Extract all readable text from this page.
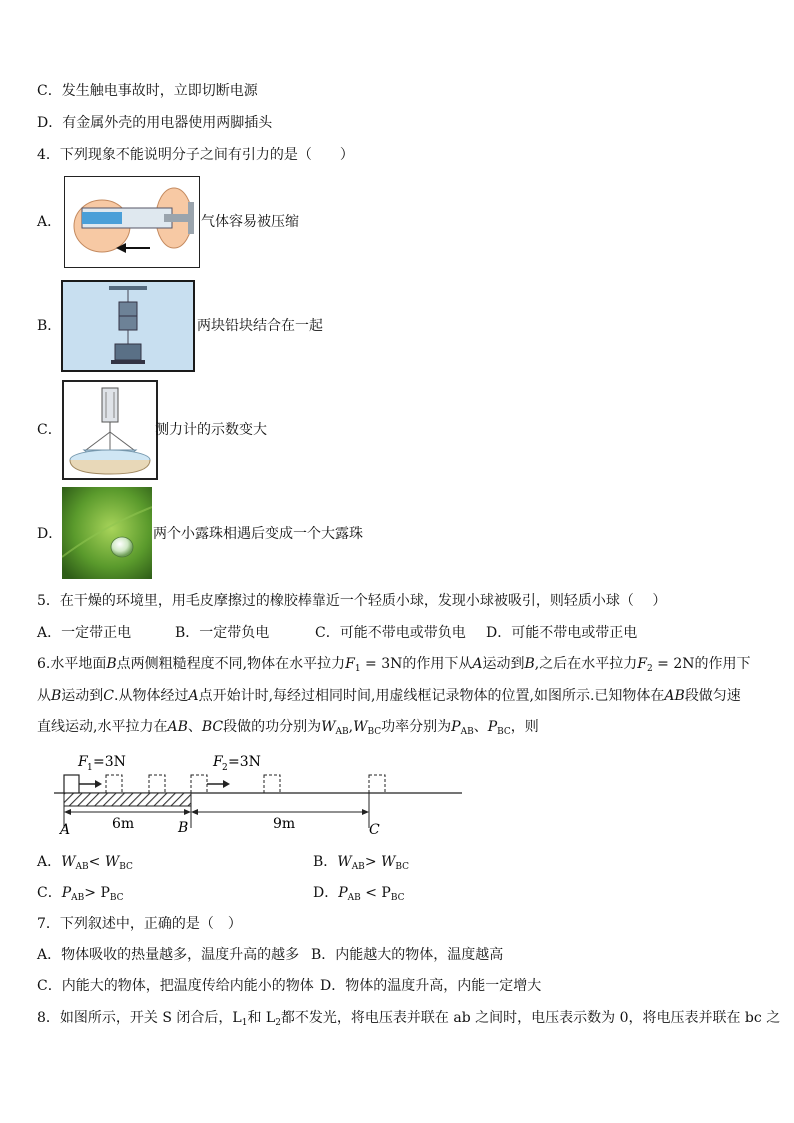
C．发生触电事故时，立即切断电源
D．有金属外壳的用电器使用两脚插头
4．下列现象不能说明分子之间有引力的是（　　）
A．	气体容易被压缩
B．	两块铅块结合在一起
C．	测力计的示数变大
D．	两个小露珠相遇后变成一个大露珠
5．在干燥的环境里，用毛皮摩擦过的橡胶棒靠近一个轻质小球，发现小球被吸引，则轻质小球（　 ）
A．一定带正电	B．一定带负电	C．可能不带电或带负电 D．可能不带电或带正电
6.水平地面B点两侧粗糙程度不同,物体在水平拉力$F_1 = 3N$的作用下从A运动到B,之后在水平拉力$F_2 = 2N$的作用下
从B运动到C.从物体经过A点开始计时,每经过相同时间,用虚线框记录物体的位置,如图所示.已知物体在AB段做匀速
直线运动,水平拉力在AB、BC段做的功分别为$W_{AB},W_{BC}$功率分别为$P_{AB}$、$P_{BC}$，则
F 1 =3N	F 2 =3N
6m	9m
A	B	C
A．$W_{AB}< W_{BC}$	B．$W_{AB}> W_{BC}$
C．$P_{AB}> P_{BC}$	D．$P_{AB} < P_{BC}$
7．下列叙述中，正确的是（　）
A．物体吸收的热量越多，温度升高的越多 B．内能越大的物体，温度越高
C．内能大的物体，把温度传给内能小的物体 D．物体的温度升高，内能一定增大
8．如图所示，开关 S 闭合后，$L_1$和 $L_2$都不发光，将电压表并联在 ab 之间时，电压表示数为 0，将电压表并联在 bc 之
